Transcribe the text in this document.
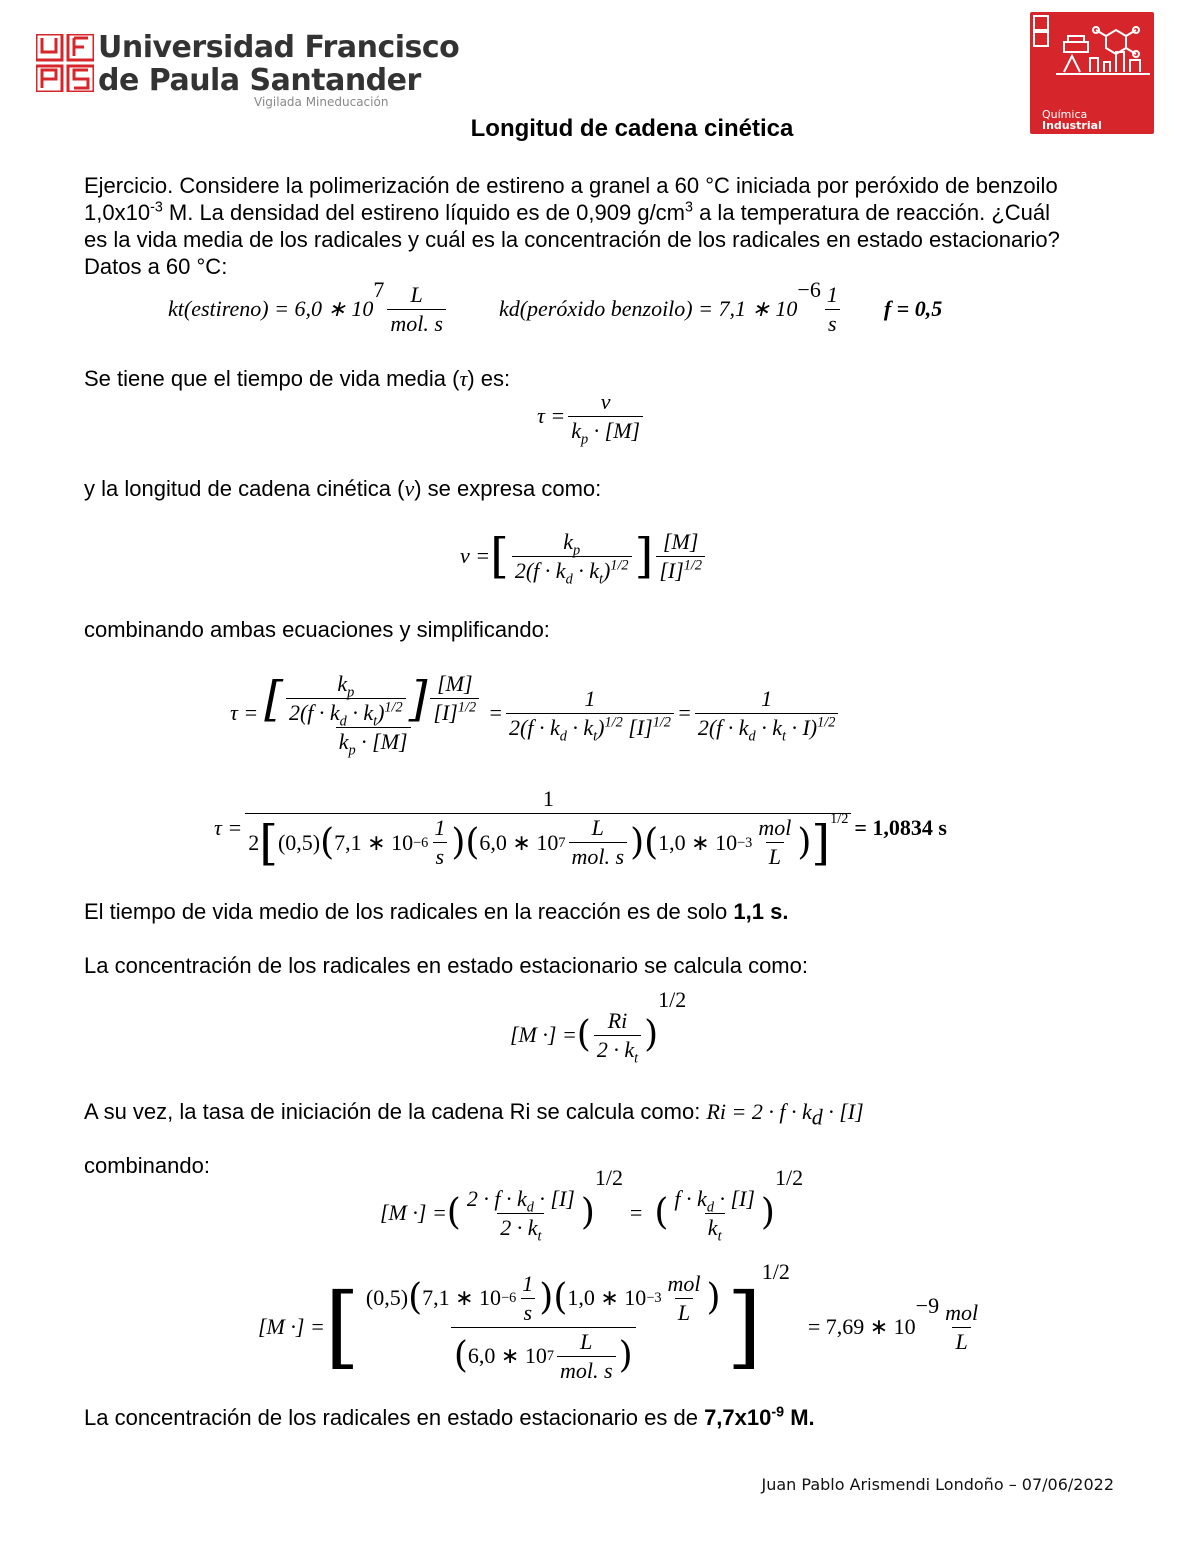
Universidad Francisco
de Paula Santander
Vigilada Mineducación
Química
Industrial
Longitud de cadena cinética
Ejercicio. Considere la polimerización de estireno a granel a 60 °C iniciada por peróxido de benzoilo
$1,0x10^{-3}$ M. La densidad del estireno líquido es de 0,909 $g/cm^3$ a la temperatura de reacción. ¿Cuál
es la vida media de los radicales y cuál es la concentración de los radicales en estado estacionario?
Datos a 60 °C:
k t (estireno) = 6,0 ∗ 10
$7 \frac{L}{\text{mol. s}}$ k d (peróxido benzoilo) = 7,1 ∗ 10
$-6 \frac{1}{s}$ f = 0,5
Se tiene que el tiempo de vida media (τ) es:
$\tau = \frac{\nu}{k_p \cdot [M]}$
y la longitud de cadena cinética (ν) se expresa como:
ν = [ $\frac{k_p}{2(f \cdot k_d \cdot k_t)^{1/2}}$ ] $\frac{[M]}{[I]^{1/2}}$
combinando ambas ecuaciones y simplificando:
$\tau = \frac{[ \frac{k_p}{2(f \cdot k_d \cdot k_t)^{1/2}} ] \frac{[M]}{[I]^{1/2}}}{k_p \cdot [M]} = \frac{1}{2(f \cdot k_d \cdot k_t)^{1/2} [I]^{1/2}} = \frac{1}{2(f \cdot k_d \cdot k_t \cdot I)^{1/2}}$
τ =
1
2 [ (0,5) ( 7,1 ∗ $10 -6 \frac{1}{s}$ ) ( 6,0 ∗ 10 $7 \frac{L}{\text{mol. s}}$ ) ( 1,0 ∗ $10 -3 \frac{\text{mol}}{L}$ ) ] 1/2 = 1,0834 s
El tiempo de vida medio de los radicales en la reacción es de solo 1,1 s.
La concentración de los radicales en estado estacionario se calcula como:
[M ·] = ( $\frac{Ri}{2 \cdot k_t}$ )
1/2
A su vez, la tasa de iniciación de la cadena Ri se calcula como: $Ri = 2 \cdot f \cdot k_d \cdot [I]$
combinando:
[M ·] = ( $\frac{2 \cdot f \cdot k_d \cdot [I]}{2 \cdot k_t}$ )
1/2
= ( $\frac{f \cdot k_d \cdot [I]}{k_t}$ )
1/2
[M ·] = [ $\frac{(0,5) ( 7,1 ∗ 10 -6 \frac{1}{s} ) ( 1,0 ∗ 10 -3 \frac{\text{mol}}{L} )}{( 6,0 ∗ 10 7 \frac{L}{\text{mol. s}} )}$ ]
1/2
= 7,69 ∗ 10
$-9 \frac{\text{mol}}{L}$
La concentración de los radicales en estado estacionario es de $7,7x10^{-9}$ M.
Juan Pablo Arismendi Londoño – 07/06/2022
